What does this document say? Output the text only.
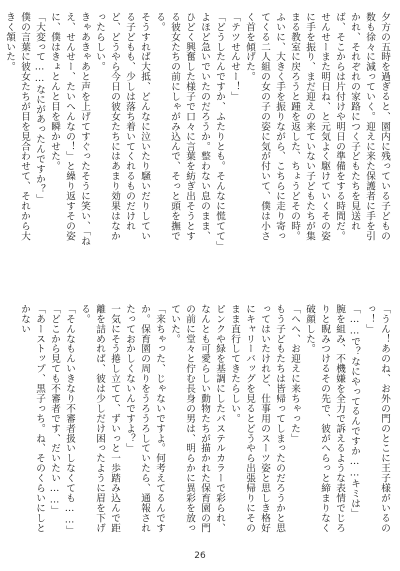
夕方の五時を過ぎると、園内に残っている子どもの数も徐々に減っていく。迎えに来た保護者に手を引かれ、それぞれの家路につく子どもたちを見送れば、そこからは片付けや明日の準備をする時間だ。

せんせーまた明日ね、と元気よく駆けていくその姿に手を振り、まだ迎えの来ていない子どもたちが集まる教室に戻ろうと踵を返した、ちょうどその時。ふいに、大きく手を振りながら、こちらに走り寄ってくる二人組の女の子の姿に気が付いて、僕は小さく首を傾げた。

「テツせんせー！」

「どうしたんですか、ふたりとも。そんなに慌てて」

よほど急いでいたのだろうか。整わない息のまま、ひどく興奮した様子で口々に言葉を紡ぎ出そうとする彼女たちの前にしゃがみ込んで、そっと頭を撫でる。

そうすれば大抵、どんなに泣いたり騒いだりしている子どもも、少しは落ち着いてくれるものだけれど、どうやら今日の彼女たちにはあまり効果はなかったらしい。

きゃあきゃあと声を上げてすぐったそうに笑い、「ねえ、せんせー、たいへんなの！」と繰り返すその姿に、僕はきょとんと目を瞬かせた。

「大変って……なにがあったんですか？」

僕の言葉に彼女たちが目を見合わせて、それから大きく頷いた。

「うん！あのね、お外の門のとこに王子様がいるのっ！」

「……で？なにやってるんですか……キミは」

腕を組み、不機嫌を全力で訴えるような表情でじろりと睨みつけるその先で、彼がへらっと締まりなく破顔した。

「へへ、お迎えに来ちゃった」

もう子どもたちは皆帰ってしまったのだろうかと思ってはいたけれど、仕事用のスーツ姿と思しき格好にキャリーバッグを見るとどうやら出張帰りにそのまま直行してきたらしい。

ピンクや緑を基調にしたパステルカラーで彩られ、なんとも可愛らしい動物たちが描かれた保育園の門の前に堂々と佇む長身の男は、明らかに異彩を放っていた。

「来ちゃった、じゃないですよ。何考えてるんですか。保育園の周りをうろうろしていたら、通報されたっておかしくないんですよ？」

一気にそう捲し立てて、ずいっと一歩踏み込んで距離を詰めれば、彼は少しだけ困ったように眉を下げる。

「そんなもんいきなり不審者扱いしなくても……」

「どこから見ても不審者です、だいたい……」

「あーストップ、黒子っち。ね、そのくらいにしとかない

26
